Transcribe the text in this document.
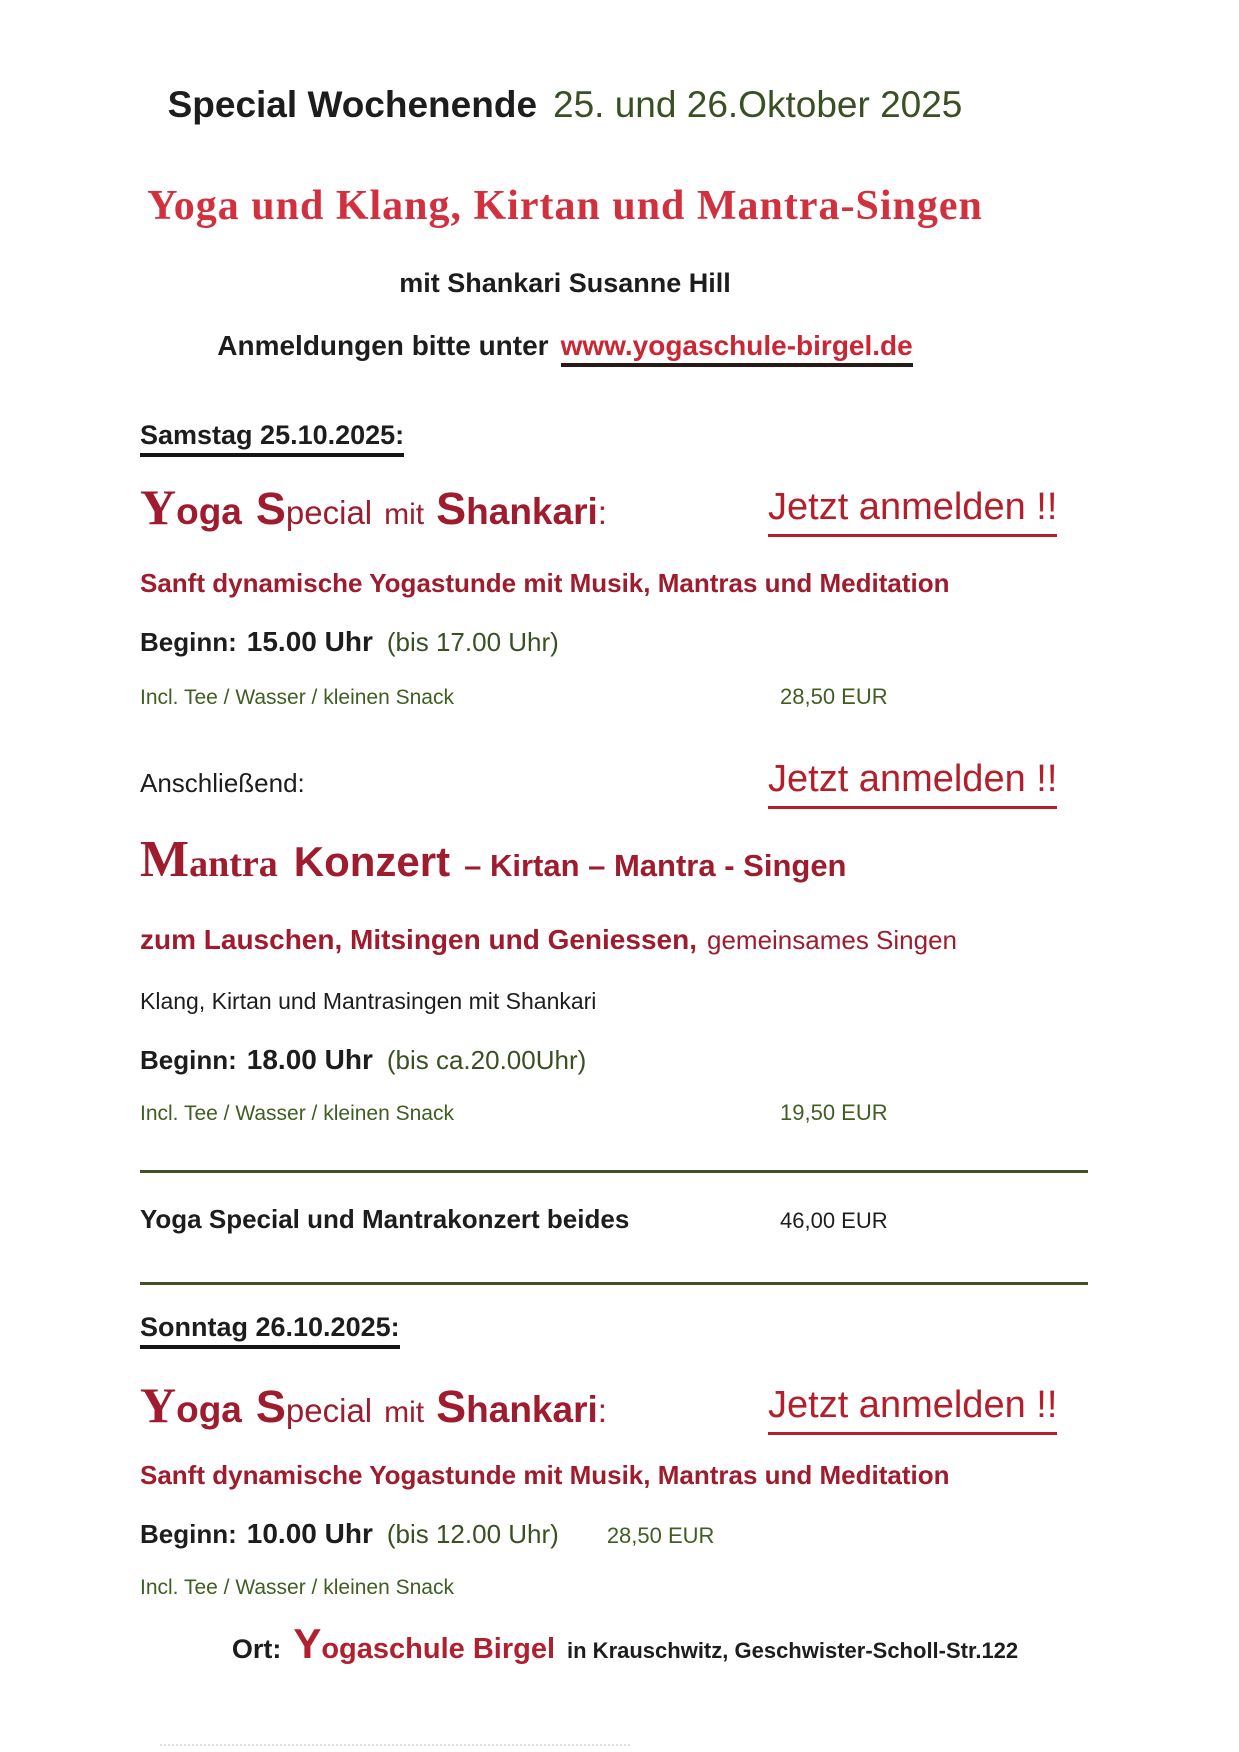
Special Wochenende 25. und 26.Oktober 2025
Yoga und Klang, Kirtan und Mantra-Singen
mit Shankari Susanne Hill
Anmeldungen bitte unter www.yogaschule-birgel.de
Samstag 25.10.2025:
Yoga Special mit Shankari:	Jetzt anmelden !!
Sanft dynamische Yogastunde mit Musik, Mantras und Meditation
Beginn: 15.00 Uhr (bis 17.00 Uhr)
Incl. Tee / Wasser / kleinen Snack	28,50 EUR
Anschließend:	Jetzt anmelden !!
Mantra Konzert – Kirtan – Mantra - Singen
zum Lauschen, Mitsingen und Geniessen, gemeinsames Singen
Klang, Kirtan und Mantrasingen mit Shankari
Beginn: 18.00 Uhr (bis ca.20.00Uhr)
Incl. Tee / Wasser / kleinen Snack	19,50 EUR
Yoga Special und Mantrakonzert beides	46,00 EUR
Sonntag 26.10.2025:
Yoga Special mit Shankari:	Jetzt anmelden !!
Sanft dynamische Yogastunde mit Musik, Mantras und Meditation
Beginn: 10.00 Uhr (bis 12.00 Uhr) 28,50 EUR
Incl. Tee / Wasser / kleinen Snack
Ort: Yogaschule Birgel in Krauschwitz, Geschwister-Scholl-Str.122
